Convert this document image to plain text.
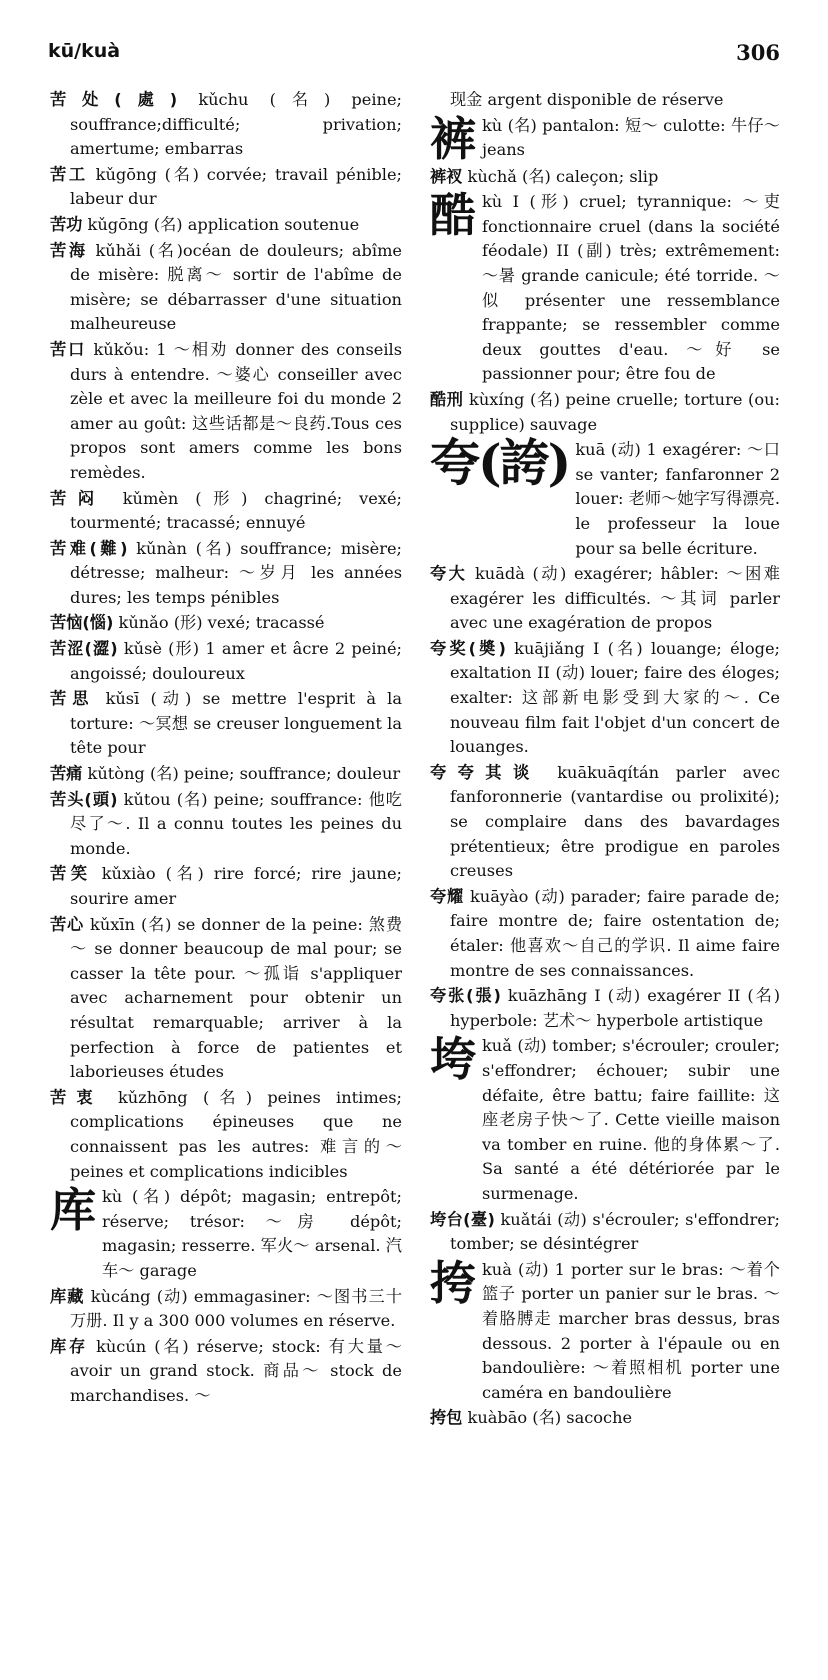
kū/kuà	306
苦处(處) kǔchu (名) peine; souffrance;difficulté; privation; amertume; embarras
苦工 kǔgōng (名) corvée; travail pénible; labeur dur
苦功 kǔgōng (名) application soutenue
苦海 kǔhǎi (名)océan de douleurs; abîme de misère: 脱离～ sortir de l'abîme de misère; se débarrasser d'une situation malheureuse
苦口 kǔkǒu: 1 ～相劝 donner des conseils durs à entendre. ～婆心 conseiller avec zèle et avec la meilleure foi du monde 2 amer au goût: 这些话都是～良药.Tous ces propos sont amers comme les bons remèdes.
苦闷 kǔmèn (形) chagriné; vexé; tourmenté; tracassé; ennuyé
苦难(難) kǔnàn (名) souffrance; misère; détresse; malheur: ～岁月 les années dures; les temps pénibles
苦恼(惱) kǔnǎo (形) vexé; tracassé
苦涩(澀) kǔsè (形) 1 amer et âcre 2 peiné; angoissé; douloureux
苦思 kǔsī (动) se mettre l'esprit à la torture: ～冥想 se creuser longuement la tête pour
苦痛 kǔtòng (名) peine; souffrance; douleur
苦头(頭) kǔtou (名) peine; souffrance: 他吃尽了～. Il a connu toutes les peines du monde.
苦笑 kǔxiào (名) rire forcé; rire jaune; sourire amer
苦心 kǔxīn (名) se donner de la peine: 煞费～ se donner beaucoup de mal pour; se casser la tête pour. ～孤诣 s'appliquer avec acharnement pour obtenir un résultat remarquable; arriver à la perfection à force de patientes et laborieuses études
苦衷 kǔzhōng (名) peines intimes; complications épineuses que ne connaissent pas les autres: 难言的～ peines et complications indicibles
库 kù (名) dépôt; magasin; entrepôt; réserve; trésor: ～房 dépôt; magasin; resserre. 军火～ arsenal. 汽车～ garage
库藏 kùcáng (动) emmagasiner: ～图书三十万册. Il y a 300 000 volumes en réserve.
库存 kùcún (名) réserve; stock: 有大量～ avoir un grand stock. 商品～ stock de marchandises. ～
现金 argent disponible de réserve
裤 kù (名) pantalon: 短～ culotte: 牛仔～ jeans
裤衩 kùchǎ (名) caleçon; slip
酷 kù I (形) cruel; tyrannique: ～吏 fonctionnaire cruel (dans la société féodale) II (副) très; extrêmement: ～暑 grande canicule; été torride. ～似 présenter une ressemblance frappante; se ressembler comme deux gouttes d'eau. ～好 se passionner pour; être fou de
酷刑 kùxíng (名) peine cruelle; torture (ou: supplice) sauvage
夸(誇) kuā (动) 1 exagérer: ～口 se vanter; fanfaronner 2 louer: 老师～她字写得漂亮. le professeur la loue pour sa belle écriture.
夸大 kuādà (动) exagérer; hâbler: ～困难 exagérer les difficultés. ～其词 parler avec une exagération de propos
夸奖(奬) kuājiǎng I (名) louange; éloge; exaltation II (动) louer; faire des éloges; exalter: 这部新电影受到大家的～. Ce nouveau film fait l'objet d'un concert de louanges.
夸夸其谈 kuākuāqítán parler avec fanforonnerie (vantardise ou prolixité); se complaire dans des bavardages prétentieux; être prodigue en paroles creuses
夸耀 kuāyào (动) parader; faire parade de; faire montre de; faire ostentation de; étaler: 他喜欢～自己的学识. Il aime faire montre de ses connaissances.
夸张(張) kuāzhāng I (动) exagérer II (名) hyperbole: 艺术～ hyperbole artistique
垮 kuǎ (动) tomber; s'écrouler; crouler; s'effondrer; échouer; subir une défaite, être battu; faire faillite: 这座老房子快～了. Cette vieille maison va tomber en ruine. 他的身体累～了. Sa santé a été détériorée par le surmenage.
垮台(臺) kuǎtái (动) s'écrouler; s'effondrer; tomber; se désintégrer
挎 kuà (动) 1 porter sur le bras: ～着个篮子 porter un panier sur le bras. ～着胳膊走 marcher bras dessus, bras dessous. 2 porter à l'épaule ou en bandoulière: ～着照相机 porter une caméra en bandoulière
挎包 kuàbāo (名) sacoche
